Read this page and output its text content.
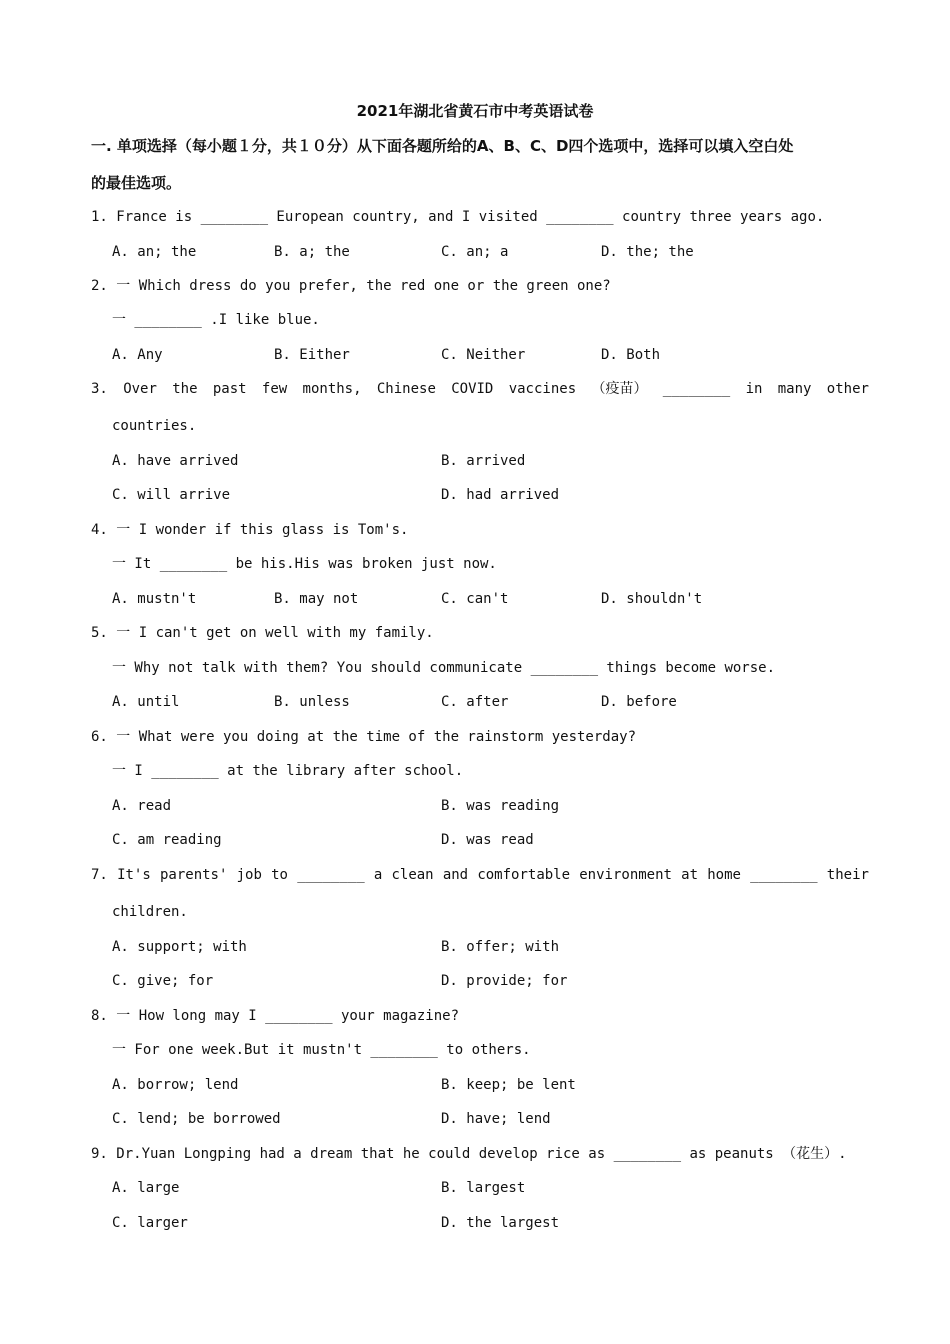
2021年湖北省黄石市中考英语试卷
一. 单项选择（每小题１分，共１０分）从下面各题所给的A、B、C、D四个选项中，选择可以填入空白处
的最佳选项。
1. France is ________ European country, and I visited ________ country three years ago.
A. an; the	B. a; the	C. an; a	D. the; the
2. 一 Which dress do you prefer, the red one or the green one?
一 ________ .I like blue.
A. Any	B. Either	C. Neither	D. Both
3. Over the past few months, Chinese COVID vaccines （疫苗） ________ in many other
countries.
A. have arrived	B. arrived
C. will arrive	D. had arrived
4. 一 I wonder if this glass is Tom's.
一 It ________ be his.His was broken just now.
A. mustn't	B. may not	C. can't	D. shouldn't
5. 一 I can't get on well with my family.
一 Why not talk with them? You should communicate ________ things become worse.
A. until	B. unless	C. after	D. before
6. 一 What were you doing at the time of the rainstorm yesterday?
一 I ________ at the library after school.
A. read	B. was reading
C. am reading	D. was read
7. It's parents' job to ________ a clean and comfortable environment at home ________ their
children.
A. support; with	B. offer; with
C. give; for	D. provide; for
8. 一 How long may I ________ your magazine?
一 For one week.But it mustn't ________ to others.
A. borrow; lend	B. keep; be lent
C. lend; be borrowed	D. have; lend
9. Dr.Yuan Longping had a dream that he could develop rice as ________ as peanuts （花生）.
A. large	B. largest
C. larger	D. the largest
